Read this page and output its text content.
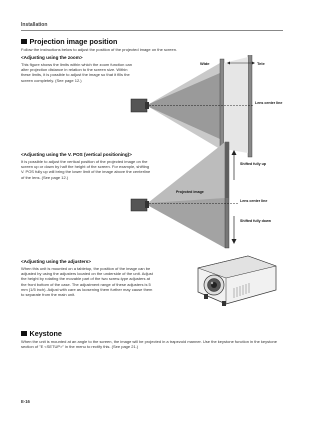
Installation
Projection image position
Follow the instructions below to adjust the position of the projected image on the screen.
<Adjusting using the zoom>
This figure shows the limits within which the zoom function can alter projection distance in relation to the screen size. Within these limits, it is possible to adjust the image so that it fills the screen completely. (See page 12.)
Wide	Tele
Lens center line
<Adjusting using the V. POS (vertical positioning)>
It is possible to adjust the vertical position of the projected image on the screen up or down by half the height of the screen. For example, shifting V. POS fully up will bring the lower limit of the image above the centerline of the lens. (See page 12.)
Projected image
Shifted fully up
Lens center line
Shifted fully down
<Adjusting using the adjusters>
When this unit is mounted on a tabletop, the position of the image can be adjusted by using the adjusters located on the underside of the unit. Adjust the height by rotating the movable part of the two screw-type adjusters at the front bottom of the case. The adjustment range of these adjusters is 5 mm (1/5 inch). Adjust with care as loosening them further may cause them to separate from the main unit.
Keystone
When the unit is mounted at an angle to the screen, the image will be projected in a trapezoid manner. Use the keystone function in the keystone section of "E <SETUP>" in the menu to rectify this. (See page 21.)
E-16
